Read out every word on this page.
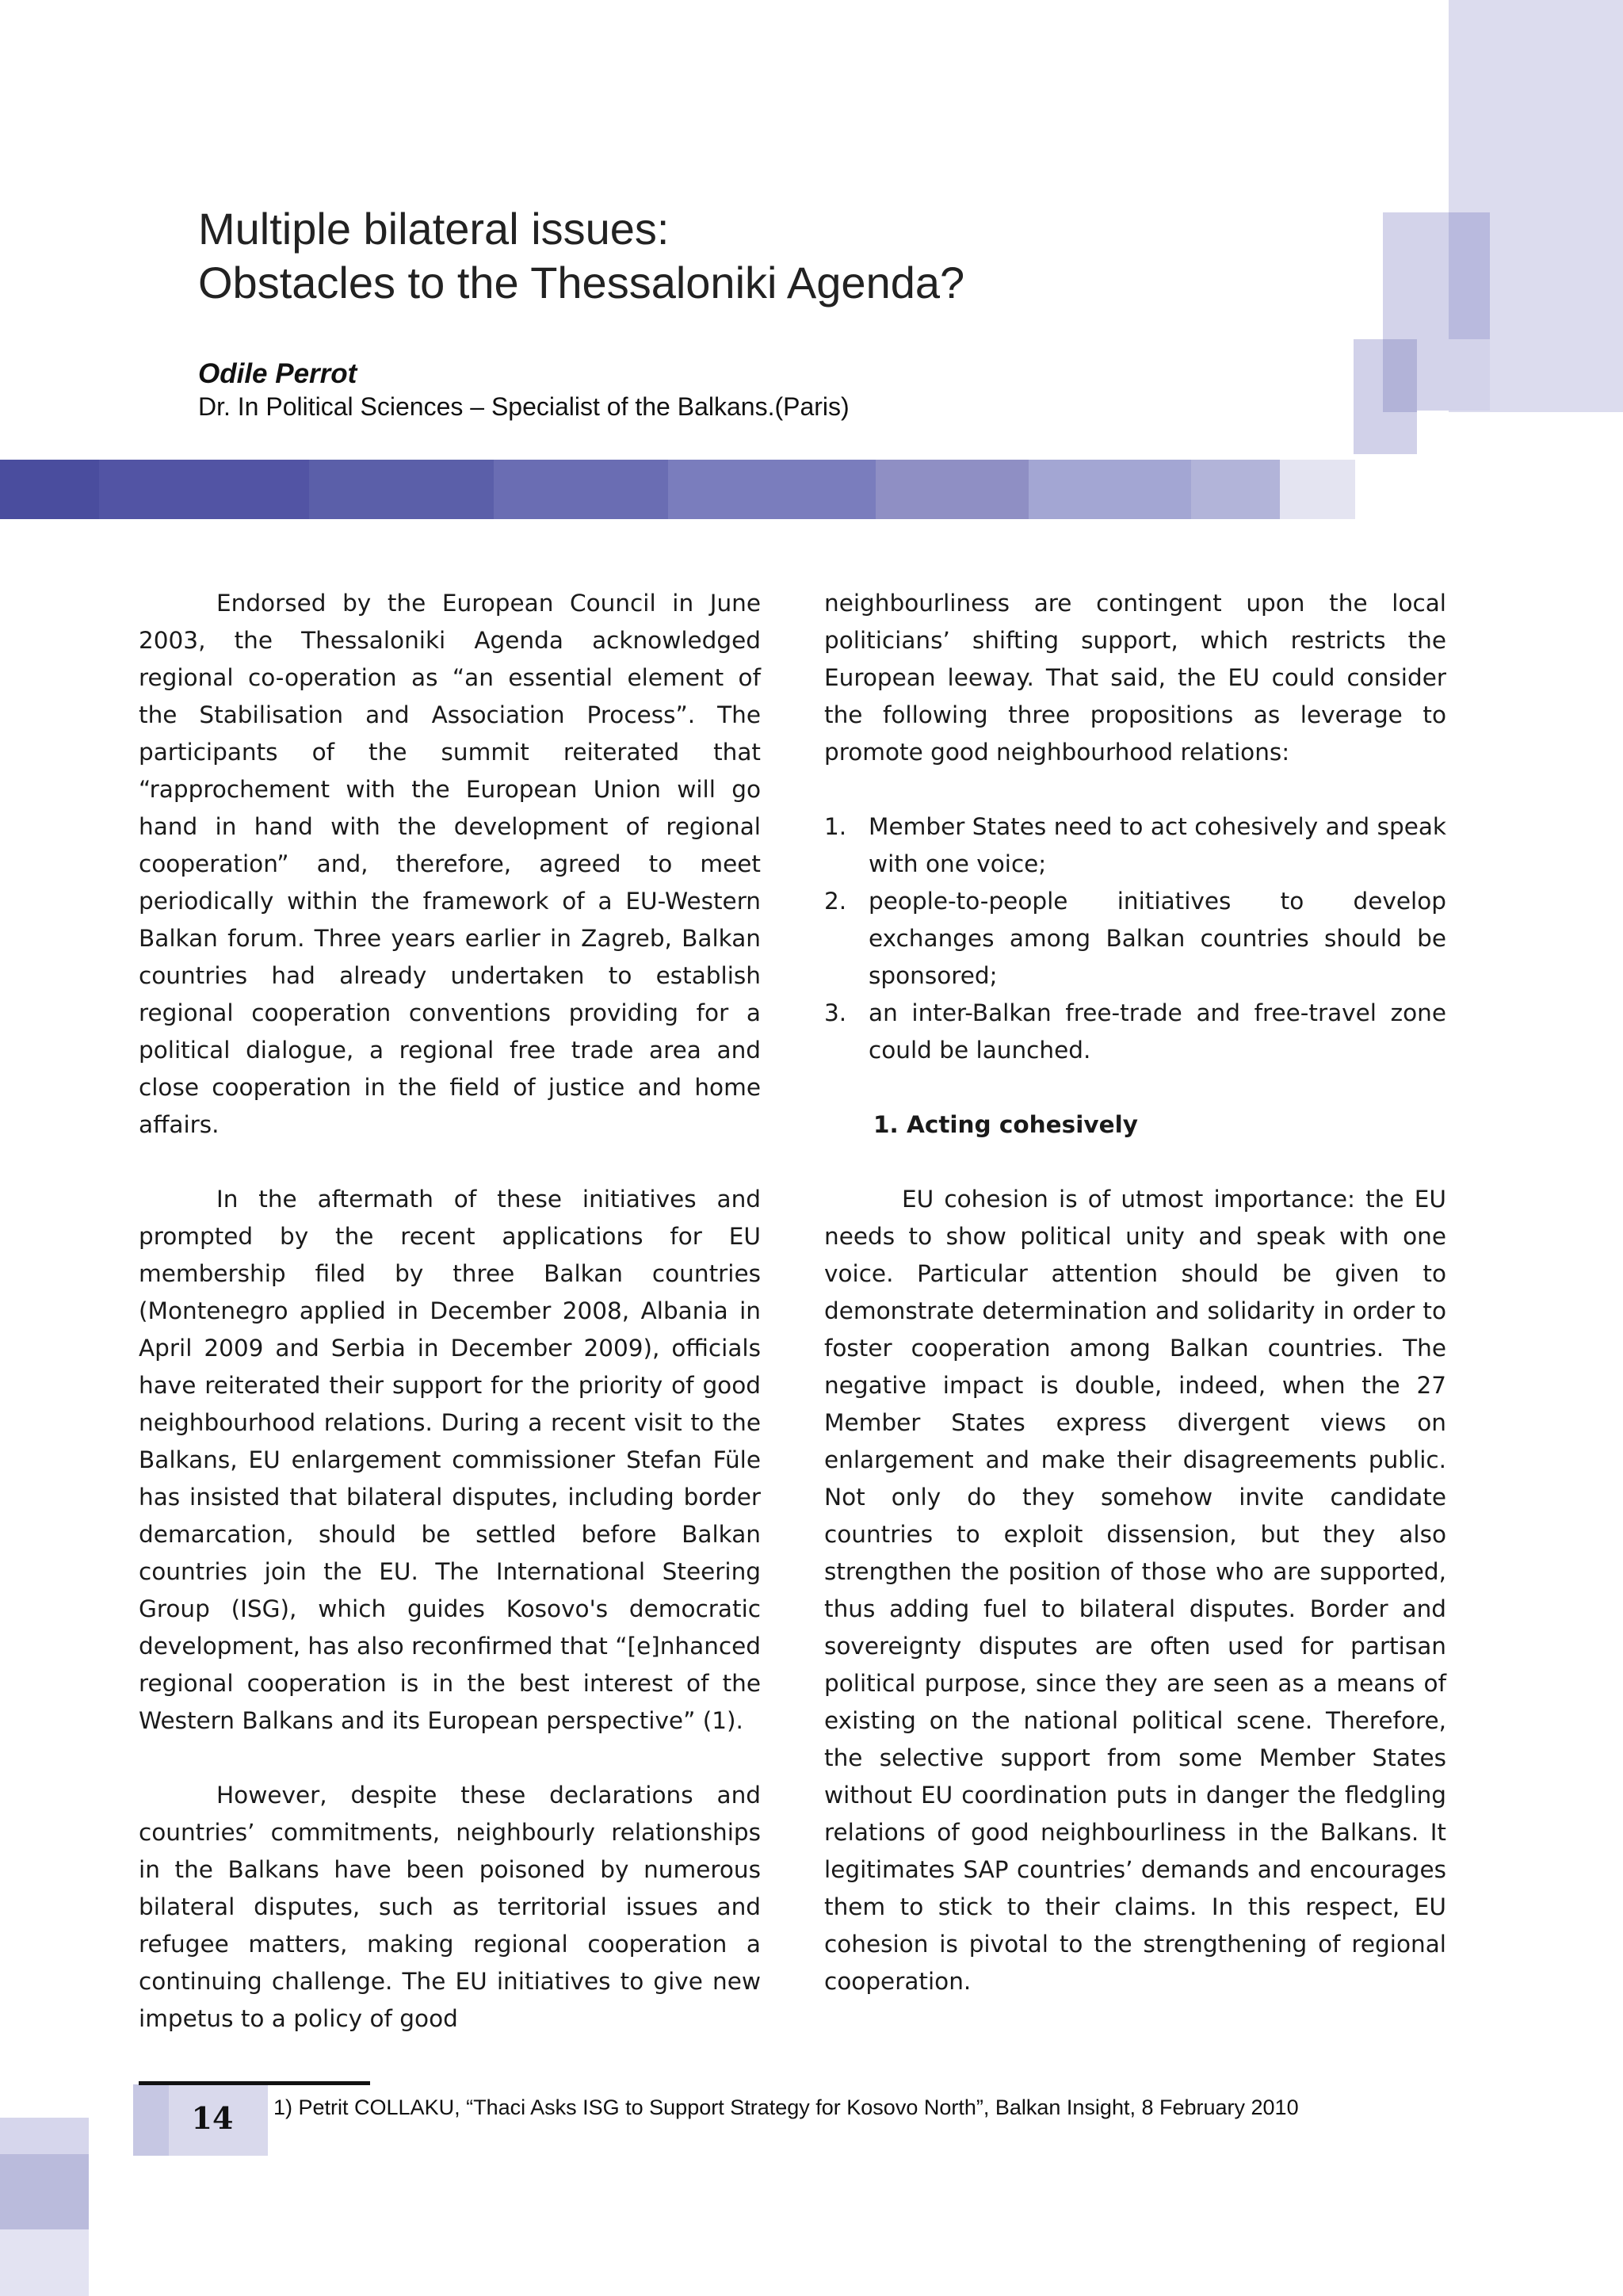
Multiple bilateral issues:
Obstacles to the Thessaloniki Agenda?
Odile Perrot
Dr. In Political Sciences – Specialist of the Balkans.(Paris)

Endorsed by the European Council in June 2003, the Thessaloniki Agenda acknowledged regional co-operation as “an essential element of the Stabilisation and Association Process”. The participants of the summit reiterated that “rapprochement with the European Union will go hand in hand with the development of regional cooperation” and, therefore, agreed to meet periodically within the framework of a EU-Western Balkan forum. Three years earlier in Zagreb, Balkan countries had already undertaken to establish regional cooperation conventions providing for a political dialogue, a regional free trade area and close cooperation in the field of justice and home affairs.

In the aftermath of these initiatives and prompted by the recent applications for EU membership filed by three Balkan countries (Montenegro applied in December 2008, Albania in April 2009 and Serbia in December 2009), officials have reiterated their support for the priority of good neighbourhood relations. During a recent visit to the Balkans, EU enlargement commissioner Stefan Füle has insisted that bilateral disputes, including border demarcation, should be settled before Balkan countries join the EU. The International Steering Group (ISG), which guides Kosovo's democratic development, has also reconfirmed that “[e]nhanced regional cooperation is in the best interest of the Western Balkans and its European perspective” (1).

However, despite these declarations and countries’ commitments, neighbourly relationships in the Balkans have been poisoned by numerous bilateral disputes, such as territorial issues and refugee matters, making regional cooperation a continuing challenge. The EU initiatives to give new impetus to a policy of good

neighbourliness are contingent upon the local politicians’ shifting support, which restricts the European leeway. That said, the EU could consider the following three propositions as leverage to promote good neighbourhood relations:

1. Member States need to act cohesively and speak with one voice;
2. people-to-people initiatives to develop exchanges among Balkan countries should be sponsored;
3. an inter-Balkan free-trade and free-travel zone could be launched.

1. Acting cohesively

EU cohesion is of utmost importance: the EU needs to show political unity and speak with one voice. Particular attention should be given to demonstrate determination and solidarity in order to foster cooperation among Balkan countries. The negative impact is double, indeed, when the 27 Member States express divergent views on enlargement and make their disagreements public. Not only do they somehow invite candidate countries to exploit dissension, but they also strengthen the position of those who are supported, thus adding fuel to bilateral disputes. Border and sovereignty disputes are often used for partisan political purpose, since they are seen as a means of existing on the national political scene. Therefore, the selective support from some Member States without EU coordination puts in danger the fledgling relations of good neighbourliness in the Balkans. It legitimates SAP countries’ demands and encourages them to stick to their claims. In this respect, EU cohesion is pivotal to the strengthening of regional cooperation.

14 1) Petrit COLLAKU, “Thaci Asks ISG to Support Strategy for Kosovo North”, Balkan Insight, 8 February 2010
